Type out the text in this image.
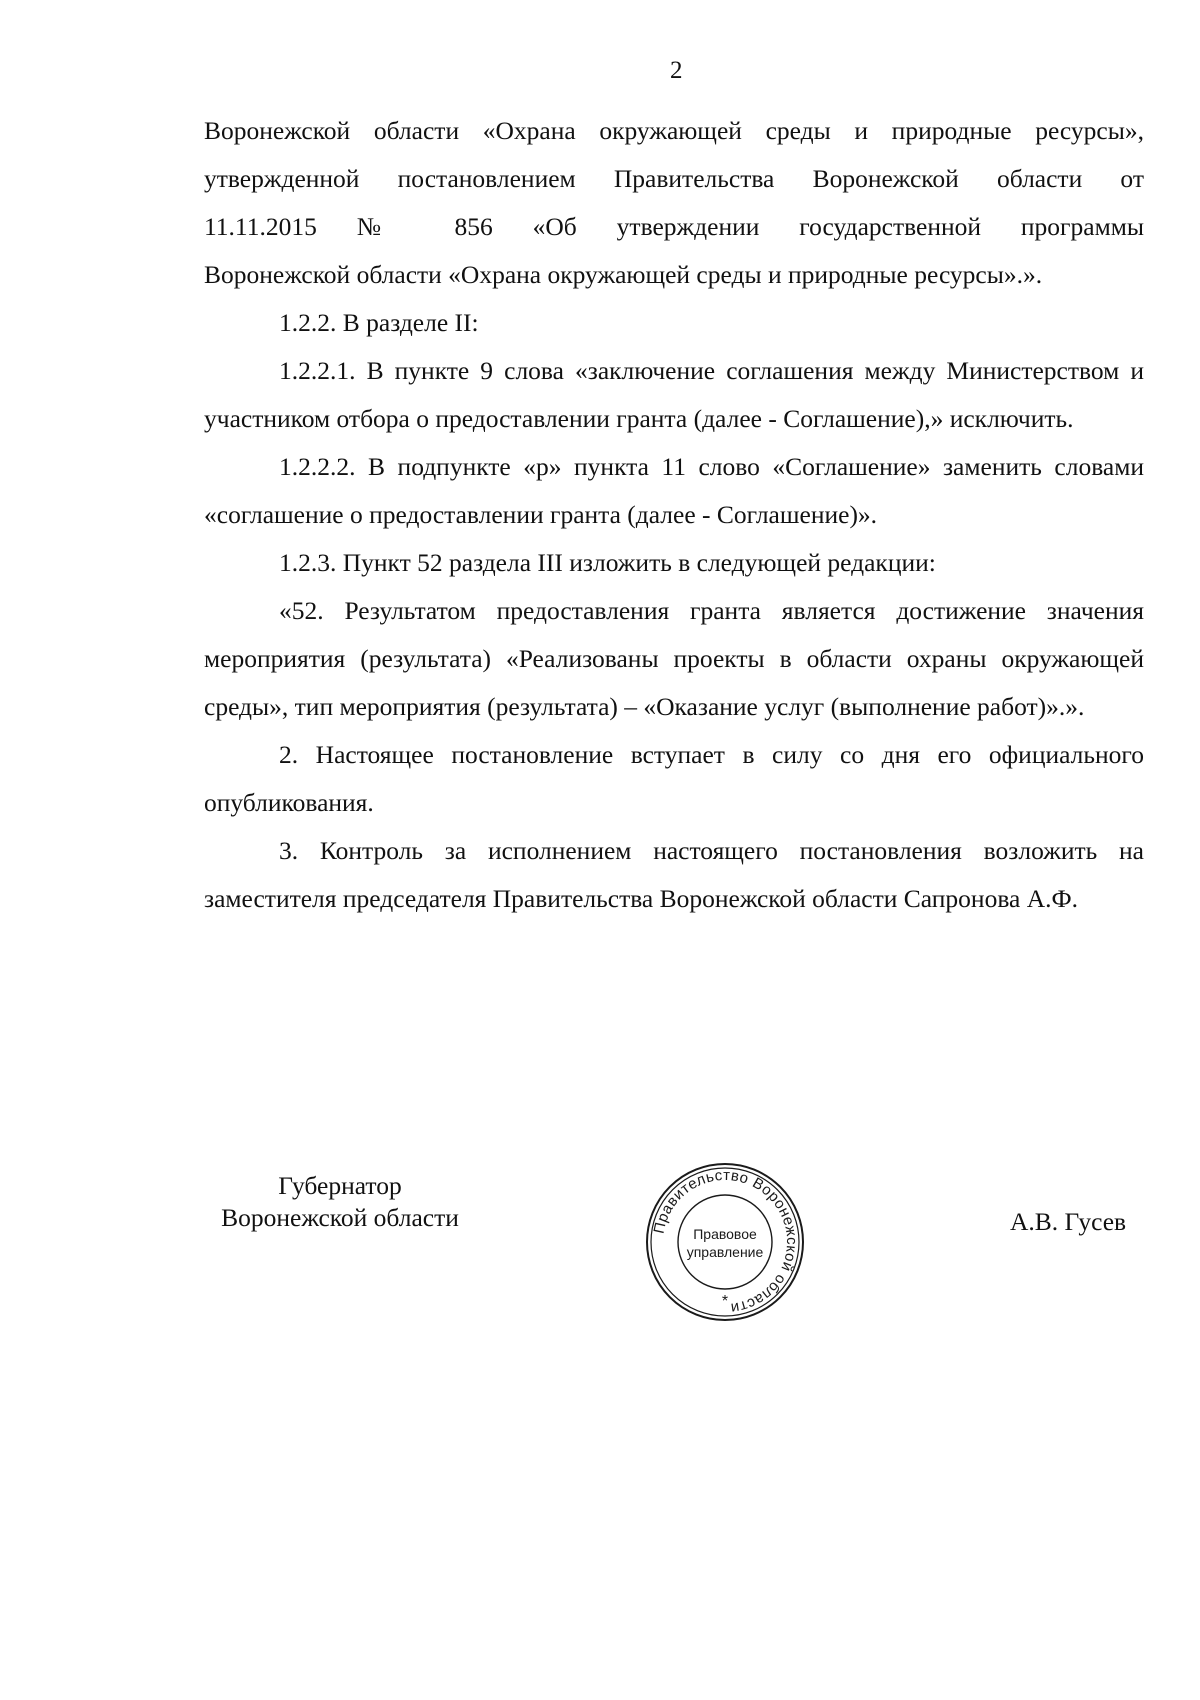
2

Воронежской области «Охрана окружающей среды и природные ресурсы»,

утвержденной постановлением Правительства Воронежской области от

11.11.2015 № 856 «Об утверждении государственной программы

Воронежской области «Охрана окружающей среды и природные ресурсы».».

1.2.2. В разделе II:

1.2.2.1. В пункте 9 слова «заключение соглашения между Министерством и участником отбора о предоставлении гранта (далее - Соглашение),» исключить.

1.2.2.2. В подпункте «р» пункта 11 слово «Соглашение» заменить словами «соглашение о предоставлении гранта (далее - Соглашение)».

1.2.3. Пункт 52 раздела III изложить в следующей редакции:

«52. Результатом предоставления гранта является достижение значения мероприятия (результата) «Реализованы проекты в области охраны окружающей среды», тип мероприятия (результата) – «Оказание услуг (выполнение работ)».».

2. Настоящее постановление вступает в силу со дня его официального опубликования.

3. Контроль за исполнением настоящего постановления возложить на заместителя председателя Правительства Воронежской области Сапронова А.Ф.

Губернатор
Воронежской области	Правительство Воронежской области
Правовое
управление
*
А.В. Гусев
